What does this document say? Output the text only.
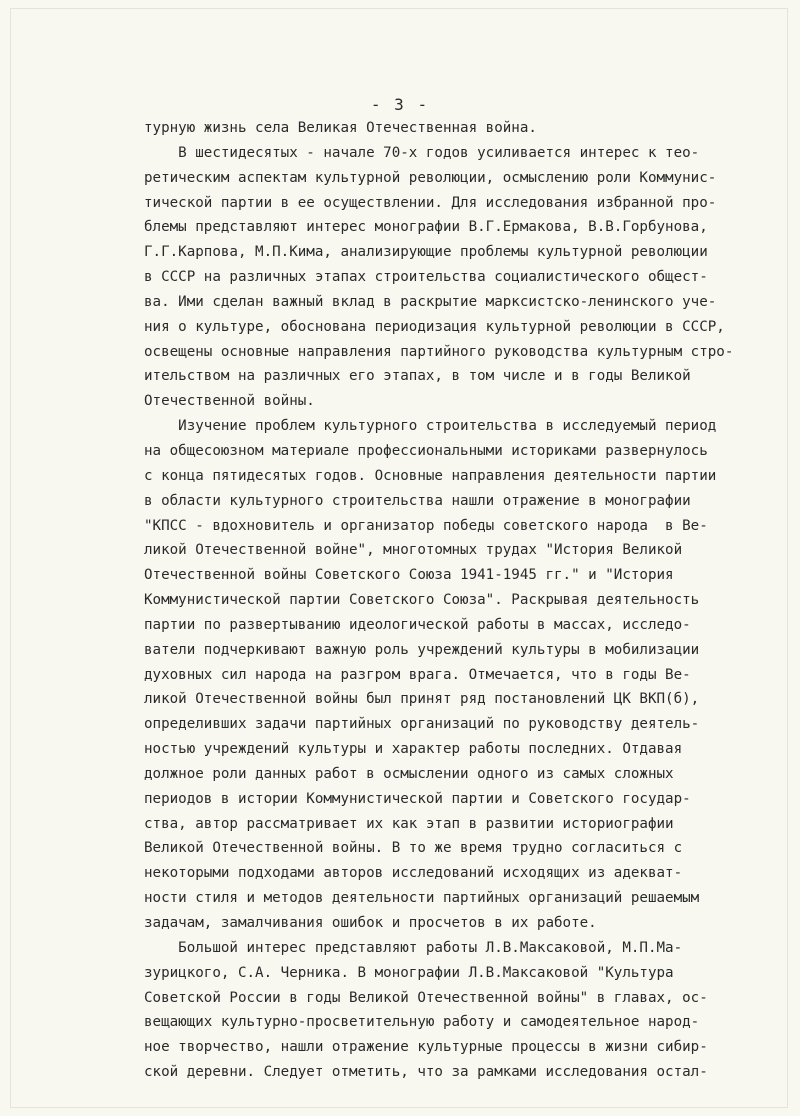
- 3 -
турную жизнь села Великая Отечественная война.
В шестидесятых - начале 70-х годов усиливается интерес к тео-
ретическим аспектам культурной революции, осмыслению роли Коммунис-
тической партии в ее осуществлении. Для исследования избранной про-
блемы представляют интерес монографии В.Г.Ермакова, В.В.Горбунова,
Г.Г.Карпова, М.П.Кима, анализирующие проблемы культурной революции
в СССР на различных этапах строительства социалистического общест-
ва. Ими сделан важный вклад в раскрытие марксистско-ленинского уче-
ния о культуре, обоснована периодизация культурной революции в СССР,
освещены основные направления партийного руководства культурным стро-
ительством на различных его этапах, в том числе и в годы Великой
Отечественной войны.
Изучение проблем культурного строительства в исследуемый период
на общесоюзном материале профессиональными историками развернулось
с конца пятидесятых годов. Основные направления деятельности партии
в области культурного строительства нашли отражение в монографии
"КПСС - вдохновитель и организатор победы советского народа  в Ве-
ликой Отечественной войне", многотомных трудах "История Великой
Отечественной войны Советского Союза 1941-1945 гг." и "История
Коммунистической партии Советского Союза". Раскрывая деятельность
партии по развертыванию идеологической работы в массах, исследо-
ватели подчеркивают важную роль учреждений культуры в мобилизации
духовных сил народа на разгром врага. Отмечается, что в годы Ве-
ликой Отечественной войны был принят ряд постановлений ЦК ВКП(б),
определивших задачи партийных организаций по руководству деятель-
ностью учреждений культуры и характер работы последних. Отдавая
должное роли данных работ в осмыслении одного из самых сложных
периодов в истории Коммунистической партии и Советского государ-
ства, автор рассматривает их как этап в развитии историографии
Великой Отечественной войны. В то же время трудно согласиться с
некоторыми подходами авторов исследований исходящих из адекват-
ности стиля и методов деятельности партийных организаций решаемым
задачам, замалчивания ошибок и просчетов в их работе.
Большой интерес представляют работы Л.В.Максаковой, М.П.Ма-
зурицкого, С.А. Черника. В монографии Л.В.Максаковой "Культура
Советской России в годы Великой Отечественной войны" в главах, ос-
вещающих культурно-просветительную работу и самодеятельное народ-
ное творчество, нашли отражение культурные процессы в жизни сибир-
ской деревни. Следует отметить, что за рамками исследования остал-
